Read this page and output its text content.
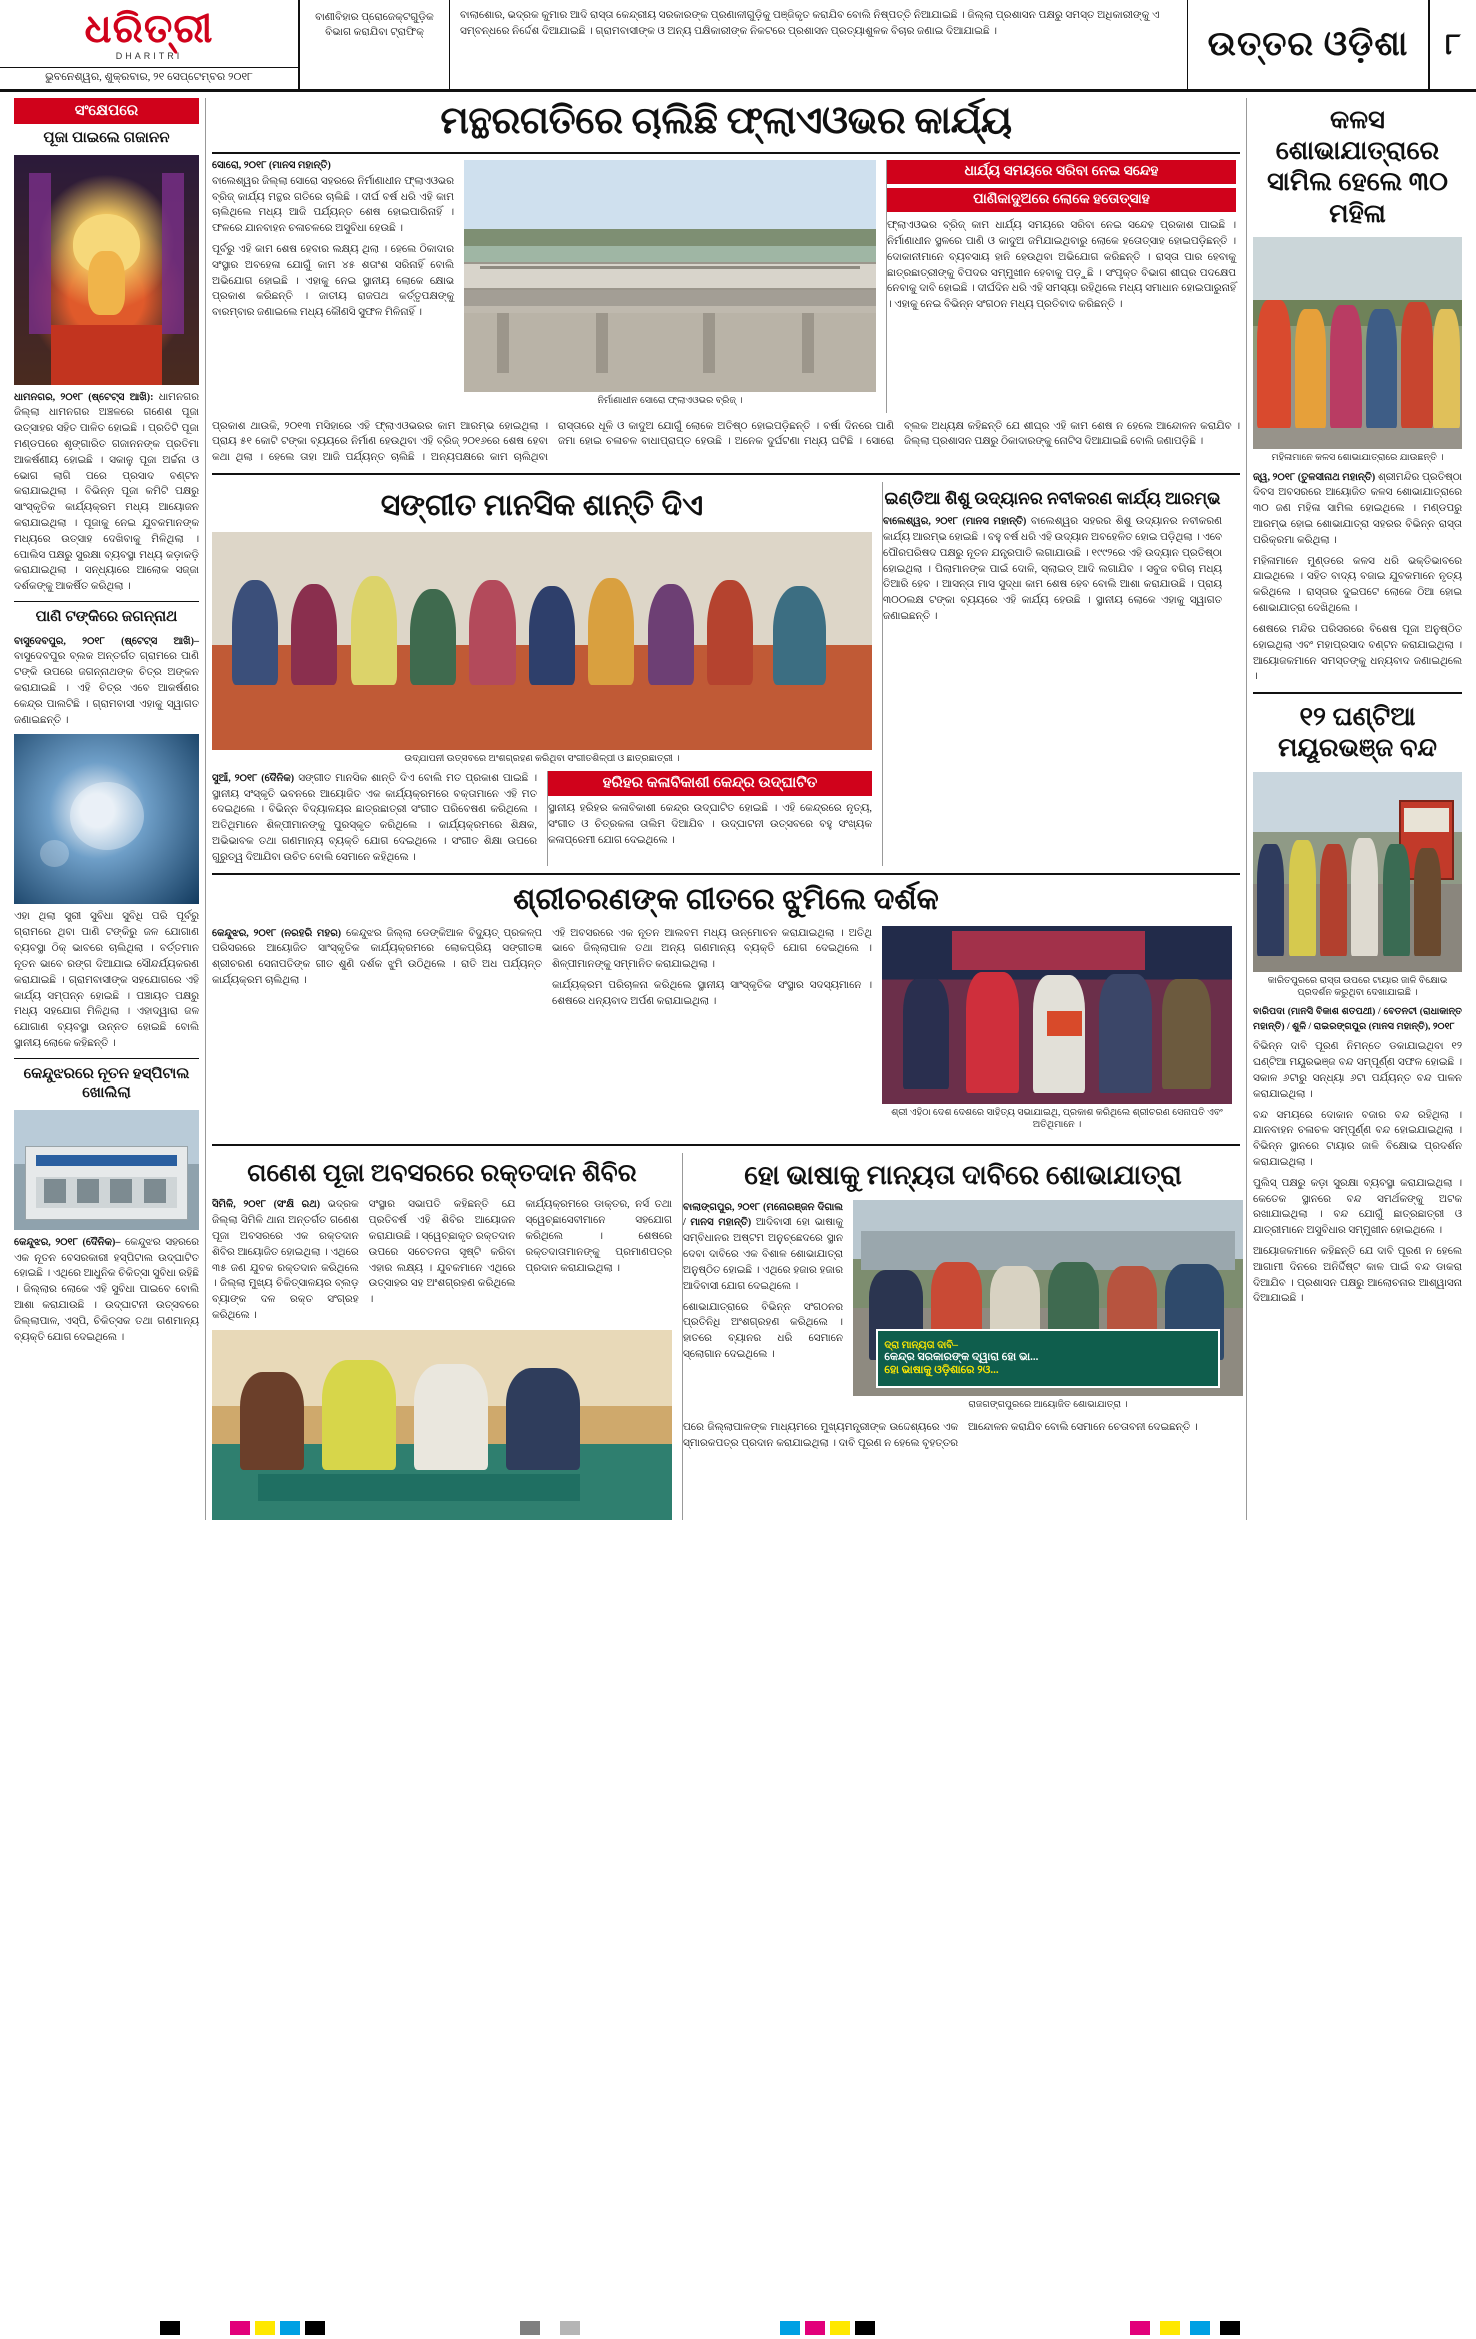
ଧରିତ୍ରୀ
DHARITRI
ଭୁବନେଶ୍ୱର, ଶୁକ୍ରବାର, ୨୧ ସେପ୍ଟେମ୍ବର ୨୦୧୮
ବାଣୀବିହାର ପ୍ରୋଜେକ୍ଟଗୁଡ଼ିକ ବିଭାଗ କରାଯିବା ଟ୍ରାଫିକ୍
ବାଲାଶୋର, ଭଦ୍ରକ କୁମାର ଆଦି ରାସ୍ତା କେନ୍ଦ୍ରୀୟ ସରକାରଙ୍କ ପ୍ରଣାଳୀଗୁଡ଼ିକୁ ପଞ୍ଜିକୃତ କରାଯିବ ବୋଲି ନିଷ୍ପତ୍ତି ନିଆଯାଇଛି । ଜିଲ୍ଲା ପ୍ରଶାସନ ପକ୍ଷରୁ ସମସ୍ତ ଅଧିକାରୀଙ୍କୁ ଏ ସମ୍ବନ୍ଧରେ ନିର୍ଦ୍ଦେଶ ଦିଆଯାଇଛି । ଗ୍ରାମବାସୀଙ୍କ ଓ ଅନ୍ୟ ପକ୍ଷିକାରୀଙ୍କ ନିକଟରେ ପ୍ରଶାସନ ପ୍ରତ୍ୟାଶୁଳକ ବିଚାର ଜଣାଇ ଦିଆଯାଇଛି ।	ଉତ୍ତର ଓଡ଼ିଶା	୮
ସଂକ୍ଷେପରେ
ପୂଜା ପାଇଲେ ଗଜାନନ
ଧାମନଗର, ୨୦୧୮ (ଷ୍ଟେଟ୍‌ସ ଆଖି): ଧାମନଗର ଜିଲ୍ଲା ଧାମନଗର ଅଞ୍ଚଳରେ ଗଣେଶ ପୂଜା ଉତ୍ସାହର ସହିତ ପାଳିତ ହୋଇଛି । ପ୍ରତିଟି ପୂଜା ମଣ୍ଡପରେ ଶୃଙ୍ଗାରିତ ଗଜାନନଙ୍କ ପ୍ରତିମା ଆକର୍ଷଣୀୟ ହୋଇଛି । ସକାଳୁ ପୂଜା ଅର୍ଚ୍ଚନା ଓ ଭୋଗ ଲାଗି ପରେ ପ୍ରସାଦ ବଣ୍ଟନ କରାଯାଇଥିଲା । ବିଭିନ୍ନ ପୂଜା କମିଟି ପକ୍ଷରୁ ସାଂସ୍କୃତିକ କାର୍ଯ୍ୟକ୍ରମ ମଧ୍ୟ ଆୟୋଜନ କରାଯାଇଥିଲା । ପୂଜାକୁ ନେଇ ଯୁବକମାନଙ୍କ ମଧ୍ୟରେ ଉତ୍ସାହ ଦେଖିବାକୁ ମିଳିଥିଲା । ପୋଲିସ ପକ୍ଷରୁ ସୁରକ୍ଷା ବ୍ୟବସ୍ଥା ମଧ୍ୟ କଡ଼ାକଡ଼ି କରାଯାଇଥିଲା । ସନ୍ଧ୍ୟାରେ ଆଲୋକ ସଜ୍ଜା ଦର୍ଶକଙ୍କୁ ଆକର୍ଷିତ କରିଥିଲା ।
ପାଣି ଟଙ୍କିରେ ଜଗନ୍ନାଥ
ବାସୁଦେବପୁର, ୨୦୧୮ (ଷ୍ଟେଟ୍‌ସ ଆଖି)– ବାସୁଦେବପୁର ବ୍ଲକ ଅନ୍ତର୍ଗତ ଗ୍ରାମରେ ପାଣି ଟଙ୍କି ଉପରେ ଜଗନ୍ନାଥଙ୍କ ଚିତ୍ର ଅଙ୍କନ କରାଯାଇଛି । ଏହି ଚିତ୍ର ଏବେ ଆକର୍ଷଣର କେନ୍ଦ୍ର ପାଲଟିଛି । ଗ୍ରାମବାସୀ ଏହାକୁ ସ୍ୱାଗତ ଜଣାଇଛନ୍ତି ।
ଏହା ଥିଲା ସ୍ତ୍ରୀ ସୁବିଧା ସୁବିଧି ପରି ପୂର୍ବରୁ ଗ୍ରାମରେ ଥିବା ପାଣି ଟଙ୍କିରୁ ଜଳ ଯୋଗାଣ ବ୍ୟବସ୍ଥା ଠିକ୍ ଭାବରେ ଚାଲିଥିଲା । ବର୍ତ୍ତମାନ ନୂତନ ଭାବେ ରଙ୍ଗ ଦିଆଯାଇ ସୌନ୍ଦର୍ଯ୍ୟକରଣ କରାଯାଇଛି । ଗ୍ରାମବାସୀଙ୍କ ସହଯୋଗରେ ଏହି କାର୍ଯ୍ୟ ସମ୍ପନ୍ନ ହୋଇଛି । ପଞ୍ଚାୟତ ପକ୍ଷରୁ ମଧ୍ୟ ସହଯୋଗ ମିଳିଥିଲା । ଏହାଦ୍ୱାରା ଜଳ ଯୋଗାଣ ବ୍ୟବସ୍ଥା ଉନ୍ନତ ହୋଇଛି ବୋଲି ସ୍ଥାନୀୟ ଲୋକେ କହିଛନ୍ତି ।
କେନ୍ଦୁଝରରେ ନୂତନ ହସ୍ପିଟାଲ ଖୋଲିଲା
କେନ୍ଦୁଝର, ୨୦୧୮ (ଦୈନିକ)– କେନ୍ଦୁଝର ସହରରେ ଏକ ନୂତନ ବେସରକାରୀ ହସ୍ପିଟାଲ ଉଦ୍‌ଘାଟିତ ହୋଇଛି । ଏଥିରେ ଆଧୁନିକ ଚିକିତ୍ସା ସୁବିଧା ରହିଛି । ଜିଲ୍ଲାର ଲୋକେ ଏହି ସୁବିଧା ପାଇବେ ବୋଲି ଆଶା କରାଯାଉଛି । ଉଦ୍‌ଘାଟନୀ ଉତ୍ସବରେ ଜିଲ୍ଲାପାଳ, ଏସ୍‌ପି, ଚିକିତ୍ସକ ତଥା ଗଣମାନ୍ୟ ବ୍ୟକ୍ତି ଯୋଗ ଦେଇଥିଲେ ।
ମନ୍ଥରଗତିରେ ଚାଲିଛି ଫ୍ଲାଏଓଭର କାର୍ଯ୍ୟ
ସୋରୋ, ୨୦୧୮ (ମାନସ ମହାନ୍ତି)
ବାଲେଶ୍ୱର ଜିଲ୍ଲା ସୋରୋ ସହରରେ ନିର୍ମାଣାଧୀନ ଫ୍ଲାଏଓଭର ବ୍ରିଜ୍ କାର୍ଯ୍ୟ ମନ୍ଥର ଗତିରେ ଚାଲିଛି । ଦୀର୍ଘ ବର୍ଷ ଧରି ଏହି କାମ ଚାଲିଥିଲେ ମଧ୍ୟ ଆଜି ପର୍ଯ୍ୟନ୍ତ ଶେଷ ହୋଇପାରିନାହିଁ । ଫଳରେ ଯାନବାହନ ଚଳାଚଳରେ ଅସୁବିଧା ହେଉଛି ।
ପୂର୍ବରୁ ଏହି କାମ ଶେଷ ହେବାର ଲକ୍ଷ୍ୟ ଥିଲା । ହେଲେ ଠିକାଦାର ସଂସ୍ଥାର ଅବହେଳା ଯୋଗୁଁ କାମ ୪୫ ଶତାଂଶ ସରିନାହିଁ ବୋଲି ଅଭିଯୋଗ ହୋଇଛି । ଏହାକୁ ନେଇ ସ୍ଥାନୀୟ ଲୋକେ କ୍ଷୋଭ ପ୍ରକାଶ କରିଛନ୍ତି । ଜାତୀୟ ରାଜପଥ କର୍ତ୍ତୃପକ୍ଷଙ୍କୁ ବାରମ୍ବାର ଜଣାଇଲେ ମଧ୍ୟ କୌଣସି ସୁଫଳ ମିଳିନାହିଁ ।
ନିର୍ମାଣାଧୀନ ସୋରୋ ଫ୍ଲାଏଓଭର ବ୍ରିଜ୍ ।
ଧାର୍ଯ୍ୟ ସମୟରେ ସରିବା ନେଇ ସନ୍ଦେହ
ପାଣିକାଦୁଅରେ ଲୋକେ ହତୋତ୍ସାହ
ଫ୍ଲାଏଓଭର ବ୍ରିଜ୍ କାମ ଧାର୍ଯ୍ୟ ସମୟରେ ସରିବା ନେଇ ସନ୍ଦେହ ପ୍ରକାଶ ପାଇଛି । ନିର୍ମାଣାଧୀନ ସ୍ଥଳରେ ପାଣି ଓ କାଦୁଅ ଜମିଯାଇଥିବାରୁ ଲୋକେ ହତୋତ୍ସାହ ହୋଇପଡ଼ିଛନ୍ତି । ଦୋକାନୀମାନେ ବ୍ୟବସାୟ ହାନି ହେଉଥିବା ଅଭିଯୋଗ କରିଛନ୍ତି । ରାସ୍ତା ପାର ହେବାକୁ ଛାତ୍ରଛାତ୍ରୀଙ୍କୁ ବିପଦର ସମ୍ମୁଖୀନ ହେବାକୁ ପଡ଼ୁଛି । ସଂପୃକ୍ତ ବିଭାଗ ଶୀଘ୍ର ପଦକ୍ଷେପ ନେବାକୁ ଦାବି ହୋଇଛି । ଦୀର୍ଘଦିନ ଧରି ଏହି ସମସ୍ୟା ରହିଥିଲେ ମଧ୍ୟ ସମାଧାନ ହୋଇପାରୁନାହିଁ । ଏହାକୁ ନେଇ ବିଭିନ୍ନ ସଂଗଠନ ମଧ୍ୟ ପ୍ରତିବାଦ କରିଛନ୍ତି ।
ପ୍ରକାଶ ଥାଉକି, ୨୦୧୩ ମସିହାରେ ଏହି ଫ୍ଲାଏଓଭରର କାମ ଆରମ୍ଭ ହୋଇଥିଲା । ପ୍ରାୟ ୫୧ କୋଟି ଟଙ୍କା ବ୍ୟୟରେ ନିର୍ମାଣ ହେଉଥିବା ଏହି ବ୍ରିଜ୍ ୨୦୧୬ରେ ଶେଷ ହେବା କଥା ଥିଲା । ହେଲେ ତାହା ଆଜି ପର୍ଯ୍ୟନ୍ତ ଚାଲିଛି । ଅନ୍ୟପକ୍ଷରେ କାମ ଚାଲିଥିବା ରାସ୍ତାରେ ଧୂଳି ଓ କାଦୁଅ ଯୋଗୁଁ ଲୋକେ ଅତିଷ୍ଠ ହୋଇପଡ଼ିଛନ୍ତି । ବର୍ଷା ଦିନରେ ପାଣି ଜମା ହୋଇ ଚଳାଚଳ ବାଧାପ୍ରାପ୍ତ ହେଉଛି । ଅନେକ ଦୁର୍ଘଟଣା ମଧ୍ୟ ଘଟିଛି । ସୋରୋ ବ୍ଲକ ଅଧ୍ୟକ୍ଷ କହିଛନ୍ତି ଯେ ଶୀଘ୍ର ଏହି କାମ ଶେଷ ନ ହେଲେ ଆନ୍ଦୋଳନ କରାଯିବ । ଜିଲ୍ଲା ପ୍ରଶାସନ ପକ୍ଷରୁ ଠିକାଦାରଙ୍କୁ ନୋଟିସ ଦିଆଯାଇଛି ବୋଲି ଜଣାପଡ଼ିଛି ।
ସଙ୍ଗୀତ ମାନସିକ ଶାନ୍ତି ଦିଏ
ଉଦ୍‌ଯାପନୀ ଉତ୍ସବରେ ଅଂଶଗ୍ରହଣ କରିଥିବା ସଂଗୀତଶିଳ୍ପୀ ଓ ଛାତ୍ରଛାତ୍ରୀ ।
ସୁଆଁ, ୨୦୧୮ (ଦୈନିକ) ସଙ୍ଗୀତ ମାନସିକ ଶାନ୍ତି ଦିଏ ବୋଲି ମତ ପ୍ରକାଶ ପାଇଛି । ସ୍ଥାନୀୟ ସଂସ୍କୃତି ଭବନରେ ଆୟୋଜିତ ଏକ କାର୍ଯ୍ୟକ୍ରମରେ ବକ୍ତାମାନେ ଏହି ମତ ଦେଇଥିଲେ । ବିଭିନ୍ନ ବିଦ୍ୟାଳୟର ଛାତ୍ରଛାତ୍ରୀ ସଂଗୀତ ପରିବେଷଣ କରିଥିଲେ । ଅତିଥିମାନେ ଶିଳ୍ପୀମାନଙ୍କୁ ପୁରସ୍କୃତ କରିଥିଲେ । କାର୍ଯ୍ୟକ୍ରମରେ ଶିକ୍ଷକ, ଅଭିଭାବକ ତଥା ଗଣମାନ୍ୟ ବ୍ୟକ୍ତି ଯୋଗ ଦେଇଥିଲେ । ସଂଗୀତ ଶିକ୍ଷା ଉପରେ ଗୁରୁତ୍ୱ ଦିଆଯିବା ଉଚିତ ବୋଲି ସେମାନେ କହିଥିଲେ ।
ହରିହର କଳାବିକାଶୀ କେନ୍ଦ୍ର ଉଦ୍‌ଘାଟିତ
ସ୍ଥାନୀୟ ହରିହର କଳାବିକାଶୀ କେନ୍ଦ୍ର ଉଦ୍‌ଘାଟିତ ହୋଇଛି । ଏହି କେନ୍ଦ୍ରରେ ନୃତ୍ୟ, ସଂଗୀତ ଓ ଚିତ୍ରକଳା ତାଲିମ ଦିଆଯିବ । ଉଦ୍‌ଘାଟନୀ ଉତ୍ସବରେ ବହୁ ସଂଖ୍ୟକ କଳାପ୍ରେମୀ ଯୋଗ ଦେଇଥିଲେ ।
ଇଣ୍ଡିଆ ଶିଶୁ ଉଦ୍ୟାନର ନବୀକରଣ କାର୍ଯ୍ୟ ଆରମ୍ଭ
ବାଲେଶ୍ୱର, ୨୦୧୮ (ମାନସ ମହାନ୍ତି) ବାଲେଶ୍ୱର ସହରର ଶିଶୁ ଉଦ୍ୟାନର ନବୀକରଣ କାର୍ଯ୍ୟ ଆରମ୍ଭ ହୋଇଛି । ବହୁ ବର୍ଷ ଧରି ଏହି ଉଦ୍ୟାନ ଅବହେଳିତ ହୋଇ ପଡ଼ିଥିଲା । ଏବେ ପୌରପରିଷଦ ପକ୍ଷରୁ ନୂତନ ଯନ୍ତ୍ରପାତି ଲଗାଯାଉଛି । ୧୯୯୨ରେ ଏହି ଉଦ୍ୟାନ ପ୍ରତିଷ୍ଠା ହୋଇଥିଲା । ପିଲାମାନଙ୍କ ପାଇଁ ଦୋଳି, ସ୍ଲାଇଡ୍ ଆଦି ଲଗାଯିବ । ସବୁଜ ବଗିଚା ମଧ୍ୟ ତିଆରି ହେବ । ଆସନ୍ତା ମାସ ସୁଦ୍ଧା କାମ ଶେଷ ହେବ ବୋଲି ଆଶା କରାଯାଉଛି । ପ୍ରାୟ ୩୦୦ଲକ୍ଷ ଟଙ୍କା ବ୍ୟୟରେ ଏହି କାର୍ଯ୍ୟ ହେଉଛି । ସ୍ଥାନୀୟ ଲୋକେ ଏହାକୁ ସ୍ୱାଗତ ଜଣାଇଛନ୍ତି ।
ଶ୍ରୀଚରଣଙ୍କ ଗୀତରେ ଝୁମିଲେ ଦର୍ଶକ
କେନ୍ଦୁଝର, ୨୦୧୮ (ନରହରି ମହର) କେନ୍ଦୁଝର ଜିଲ୍ଲା ଡେଙ୍କିଆଳ ବିଦ୍ୟୁତ୍ ପ୍ରକଳ୍ପ ପରିସରରେ ଆୟୋଜିତ ସାଂସ୍କୃତିକ କାର୍ଯ୍ୟକ୍ରମରେ ଲୋକପ୍ରିୟ ସଙ୍ଗୀତଜ୍ଞ ଶ୍ରୀଚରଣ ସେନାପତିଙ୍କ ଗୀତ ଶୁଣି ଦର୍ଶକ ଝୁମି ଉଠିଥିଲେ । ରାତି ଅଧ ପର୍ଯ୍ୟନ୍ତ କାର୍ଯ୍ୟକ୍ରମ ଚାଲିଥିଲା ।
ଏହି ଅବସରରେ ଏକ ନୂତନ ଆଲବମ ମଧ୍ୟ ଉନ୍ମୋଚନ କରାଯାଇଥିଲା । ଅତିଥି ଭାବେ ଜିଲ୍ଲାପାଳ ତଥା ଅନ୍ୟ ଗଣମାନ୍ୟ ବ୍ୟକ୍ତି ଯୋଗ ଦେଇଥିଲେ । ଶିଳ୍ପୀମାନଙ୍କୁ ସମ୍ମାନିତ କରାଯାଇଥିଲା ।
କାର୍ଯ୍ୟକ୍ରମ ପରିଚାଳନା କରିଥିଲେ ସ୍ଥାନୀୟ ସାଂସ୍କୃତିକ ସଂସ୍ଥାର ସଦସ୍ୟମାନେ । ଶେଷରେ ଧନ୍ୟବାଦ ଅର୍ପଣ କରାଯାଇଥିଲା ।
ଶ୍ରୀ ଏହିଠା ଦେଶ ଦେଶରେ ସାହିତ୍ୟ ସଭାଯାଇଥି, ପ୍ରକାଶ କରିଥିଲେ ଶ୍ରୀଚରଣ ସେନାପତି ଏବଂ ଅତିଥିମାନେ ।
ଗଣେଶ ପୂଜା ଅବସରରେ ରକ୍ତଦାନ ଶିବିର
ସିମିଳି, ୨୦୧୮ (ସଂକ୍ଷି ରଥ) ଭଦ୍ରକ ଜିଲ୍ଲା ସିମିଳି ଥାନା ଅନ୍ତର୍ଗତ ଗଣେଶ ପୂଜା ଅବସରରେ ଏକ ରକ୍ତଦାନ ଶିବିର ଆୟୋଜିତ ହୋଇଥିଲା । ଏଥିରେ ୩୫ ଜଣ ଯୁବକ ରକ୍ତଦାନ କରିଥିଲେ । ଜିଲ୍ଲା ମୁଖ୍ୟ ଚିକିତ୍ସାଳୟର ବ୍ଲଡ଼ ବ୍ୟାଙ୍କ ଦଳ ରକ୍ତ ସଂଗ୍ରହ କରିଥିଲେ ।
ସଂସ୍ଥାର ସଭାପତି କହିଛନ୍ତି ଯେ ପ୍ରତିବର୍ଷ ଏହି ଶିବିର ଆୟୋଜନ କରାଯାଉଛି । ସ୍ୱେଚ୍ଛାକୃତ ରକ୍ତଦାନ ଉପରେ ସଚେତନତା ସୃଷ୍ଟି କରିବା ଏହାର ଲକ୍ଷ୍ୟ । ଯୁବକମାନେ ଏଥିରେ ଉତ୍ସାହର ସହ ଅଂଶଗ୍ରହଣ କରିଥିଲେ ।
କାର୍ଯ୍ୟକ୍ରମରେ ଡାକ୍ତର, ନର୍ସ ତଥା ସ୍ୱେଚ୍ଛାସେବୀମାନେ ସହଯୋଗ କରିଥିଲେ । ଶେଷରେ ରକ୍ତଦାତାମାନଙ୍କୁ ପ୍ରମାଣପତ୍ର ପ୍ରଦାନ କରାଯାଇଥିଲା ।
ହୋ ଭାଷାକୁ ମାନ୍ୟତା ଦାବିରେ ଶୋଭାଯାତ୍ରା
ବାଲାଙ୍ଗପୁର, ୨୦୧୮ (ମନୋରଞ୍ଜନ ଦିଗାଲ / ମାନସ ମହାନ୍ତି) ଆଦିବାସୀ ହୋ ଭାଷାକୁ ସମ୍ବିଧାନର ଅଷ୍ଟମ ଅନୁଚ୍ଛେଦରେ ସ୍ଥାନ ଦେବା ଦାବିରେ ଏକ ବିଶାଳ ଶୋଭାଯାତ୍ରା ଅନୁଷ୍ଠିତ ହୋଇଛି । ଏଥିରେ ହଜାର ହଜାର ଆଦିବାସୀ ଯୋଗ ଦେଇଥିଲେ ।
ଶୋଭାଯାତ୍ରାରେ ବିଭିନ୍ନ ସଂଗଠନର ପ୍ରତିନିଧି ଅଂଶଗ୍ରହଣ କରିଥିଲେ । ହାତରେ ବ୍ୟାନର ଧରି ସେମାନେ ସ୍ଲୋଗାନ ଦେଇଥିଲେ ।
ଦ୍ରା ମାନ୍ୟତା ଦାବି–
କେନ୍ଦ୍ର ସରକାରଙ୍କ ଦ୍ୱାରା ହୋ ଭା...
ହୋ ଭାଷାକୁ ଓଡ଼ିଶାରେ ୨ଓ...
ରାଜଗଙ୍ଗପୁରରେ ଆୟୋଜିତ ଶୋଭାଯାତ୍ରା ।
ପରେ ଜିଲ୍ଲାପାଳଙ୍କ ମାଧ୍ୟମରେ ମୁଖ୍ୟମନ୍ତ୍ରୀଙ୍କ ଉଦ୍ଦେଶ୍ୟରେ ଏକ ସ୍ମାରକପତ୍ର ପ୍ରଦାନ କରାଯାଇଥିଲା । ଦାବି ପୂରଣ ନ ହେଲେ ବୃହତ୍ତର ଆନ୍ଦୋଳନ କରାଯିବ ବୋଲି ସେମାନେ ଚେତାବନୀ ଦେଇଛନ୍ତି ।
କଳସ ଶୋଭାଯାତ୍ରାରେ ସାମିଲ ହେଲେ ୩୦ ମହିଳା
ମହିଳାମାନେ କଳସ ଶୋଭାଯାତ୍ରାରେ ଯାଉଛନ୍ତି ।
ଜ୍ୱ, ୨୦୧୮ (ତୁଳସୀନାଥ ମହାନ୍ତି) ଶ୍ରୀମନ୍ଦିର ପ୍ରତିଷ୍ଠା ଦିବସ ଅବସରରେ ଆୟୋଜିତ କଳସ ଶୋଭାଯାତ୍ରାରେ ୩୦ ଜଣ ମହିଳା ସାମିଲ ହୋଇଥିଲେ । ମଣ୍ଡପରୁ ଆରମ୍ଭ ହୋଇ ଶୋଭାଯାତ୍ରା ସହରର ବିଭିନ୍ନ ରାସ୍ତା ପରିକ୍ରମା କରିଥିଲା ।
ମହିଳାମାନେ ମୁଣ୍ଡରେ କଳସ ଧରି ଭକ୍ତିଭାବରେ ଯାଇଥିଲେ । ସହିତ ବାଦ୍ୟ ବଜାଇ ଯୁବକମାନେ ନୃତ୍ୟ କରିଥିଲେ । ରାସ୍ତାର ଦୁଇପଟେ ଲୋକେ ଠିଆ ହୋଇ ଶୋଭାଯାତ୍ରା ଦେଖିଥିଲେ ।
ଶେଷରେ ମନ୍ଦିର ପରିସରରେ ବିଶେଷ ପୂଜା ଅନୁଷ୍ଠିତ ହୋଇଥିଲା ଏବଂ ମହାପ୍ରସାଦ ବଣ୍ଟନ କରାଯାଇଥିଲା । ଆୟୋଜକମାନେ ସମସ୍ତଙ୍କୁ ଧନ୍ୟବାଦ ଜଣାଇଥିଲେ ।
୧୨ ଘଣ୍ଟିଆ ମୟୂରଭଞ୍ଜ ବନ୍ଦ
କାରିତପୁରରେ ରାସ୍ତା ଉପରେ ଟାୟାର ଜାଳି ବିକ୍ଷୋଭ ପ୍ରଦର୍ଶନ କରୁଥିବା ଦେଖାଯାଇଛି ।
ବାରିପଦା (ମାନସି ବିକାଶ ଶତପଥୀ) / ବେତନଟୀ (ରାଧାକାନ୍ତ ମହାନ୍ତି) / ଶୁଳି / ରାଇରଙ୍ଗପୁର (ମାନସ ମହାନ୍ତି), ୨୦୧୮
ବିଭିନ୍ନ ଦାବି ପୂରଣ ନିମନ୍ତେ ଡକାଯାଇଥିବା ୧୨ ଘଣ୍ଟିଆ ମୟୂରଭଞ୍ଜ ବନ୍ଦ ସମ୍ପୂର୍ଣ୍ଣ ସଫଳ ହୋଇଛି । ସକାଳ ୬ଟାରୁ ସନ୍ଧ୍ୟା ୬ଟା ପର୍ଯ୍ୟନ୍ତ ବନ୍ଦ ପାଳନ କରାଯାଇଥିଲା ।
ବନ୍ଦ ସମୟରେ ଦୋକାନ ବଜାର ବନ୍ଦ ରହିଥିଲା । ଯାନବାହନ ଚଳାଚଳ ସମ୍ପୂର୍ଣ୍ଣ ବନ୍ଦ ହୋଇଯାଇଥିଲା । ବିଭିନ୍ନ ସ୍ଥାନରେ ଟାୟାର ଜାଳି ବିକ୍ଷୋଭ ପ୍ରଦର୍ଶନ କରାଯାଇଥିଲା ।
ପୁଲିସ୍ ପକ୍ଷରୁ କଡ଼ା ସୁରକ୍ଷା ବ୍ୟବସ୍ଥା କରାଯାଇଥିଲା । କେତେକ ସ୍ଥାନରେ ବନ୍ଦ ସମର୍ଥକଙ୍କୁ ଅଟକ ରଖାଯାଇଥିଲା । ବନ୍ଦ ଯୋଗୁଁ ଛାତ୍ରଛାତ୍ରୀ ଓ ଯାତ୍ରୀମାନେ ଅସୁବିଧାର ସମ୍ମୁଖୀନ ହୋଇଥିଲେ ।
ଆୟୋଜକମାନେ କହିଛନ୍ତି ଯେ ଦାବି ପୂରଣ ନ ହେଲେ ଆଗାମୀ ଦିନରେ ଅନିର୍ଦ୍ଦିଷ୍ଟ କାଳ ପାଇଁ ବନ୍ଦ ଡାକରା ଦିଆଯିବ । ପ୍ରଶାସନ ପକ୍ଷରୁ ଆଲୋଚନାର ଆଶ୍ୱାସନା ଦିଆଯାଇଛି ।
